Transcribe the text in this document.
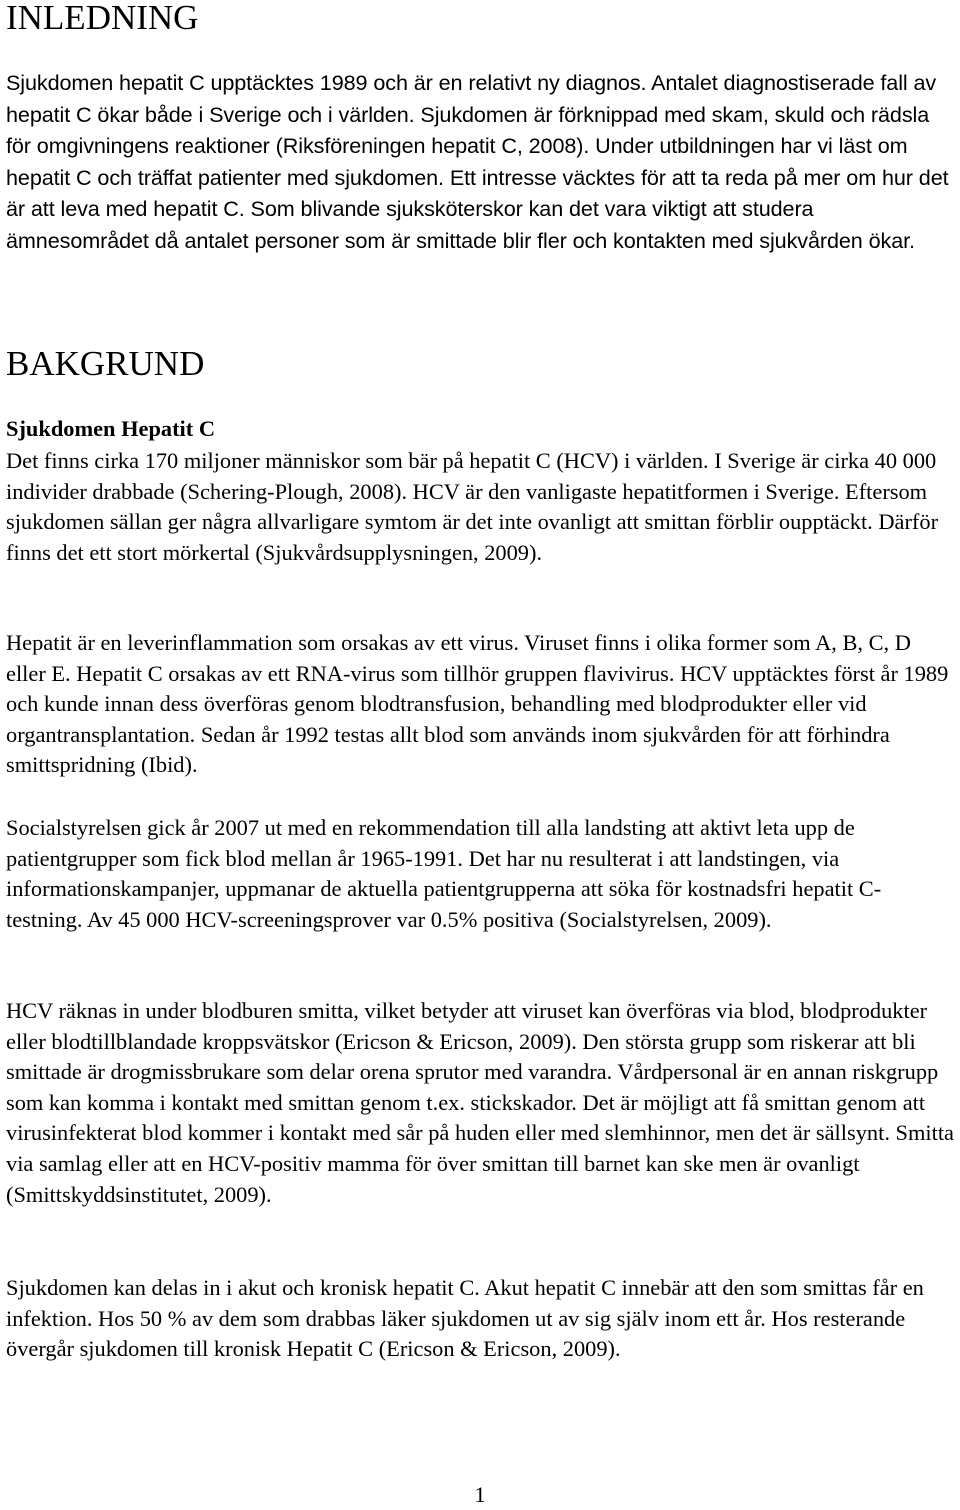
INLEDNING

Sjukdomen hepatit C upptäcktes 1989 och är en relativt ny diagnos. Antalet diagnostiserade fall av hepatit C ökar både i Sverige och i världen. Sjukdomen är förknippad med skam, skuld och rädsla för omgivningens reaktioner (Riksföreningen hepatit C, 2008). Under utbildningen har vi läst om hepatit C och träffat patienter med sjukdomen. Ett intresse väcktes för att ta reda på mer om hur det är att leva med hepatit C. Som blivande sjuksköterskor kan det vara viktigt att studera ämnesområdet då antalet personer som är smittade blir fler och kontakten med sjukvården ökar.

BAKGRUND
Sjukdomen Hepatit C

Det finns cirka 170 miljoner människor som bär på hepatit C (HCV) i världen. I Sverige är cirka 40 000 individer drabbade (Schering-Plough, 2008). HCV är den vanligaste hepatitformen i Sverige. Eftersom sjukdomen sällan ger några allvarligare symtom är det inte ovanligt att smittan förblir oupptäckt. Därför finns det ett stort mörkertal (Sjukvårdsupplysningen, 2009).

Hepatit är en leverinflammation som orsakas av ett virus. Viruset finns i olika former som A, B, C, D eller E. Hepatit C orsakas av ett RNA-virus som tillhör gruppen flavivirus. HCV upptäcktes först år 1989 och kunde innan dess överföras genom blodtransfusion, behandling med blodprodukter eller vid organtransplantation. Sedan år 1992 testas allt blod som används inom sjukvården för att förhindra smittspridning (Ibid).

Socialstyrelsen gick år 2007 ut med en rekommendation till alla landsting att aktivt leta upp de patientgrupper som fick blod mellan år 1965-1991. Det har nu resulterat i att landstingen, via informationskampanjer, uppmanar de aktuella patientgrupperna att söka för kostnadsfri hepatit C-testning. Av 45 000 HCV-screeningsprover var 0.5% positiva (Socialstyrelsen, 2009).

HCV räknas in under blodburen smitta, vilket betyder att viruset kan överföras via blod, blodprodukter eller blodtillblandade kroppsvätskor (Ericson & Ericson, 2009). Den största grupp som riskerar att bli smittade är drogmissbrukare som delar orena sprutor med varandra. Vårdpersonal är en annan riskgrupp som kan komma i kontakt med smittan genom t.ex. stickskador. Det är möjligt att få smittan genom att virusinfekterat blod kommer i kontakt med sår på huden eller med slemhinnor, men det är sällsynt. Smitta via samlag eller att en HCV-positiv mamma för över smittan till barnet kan ske men är ovanligt (Smittskyddsinstitutet, 2009).

Sjukdomen kan delas in i akut och kronisk hepatit C. Akut hepatit C innebär att den som smittas får en infektion. Hos 50 % av dem som drabbas läker sjukdomen ut av sig själv inom ett år. Hos resterande övergår sjukdomen till kronisk Hepatit C (Ericson & Ericson, 2009).

1
